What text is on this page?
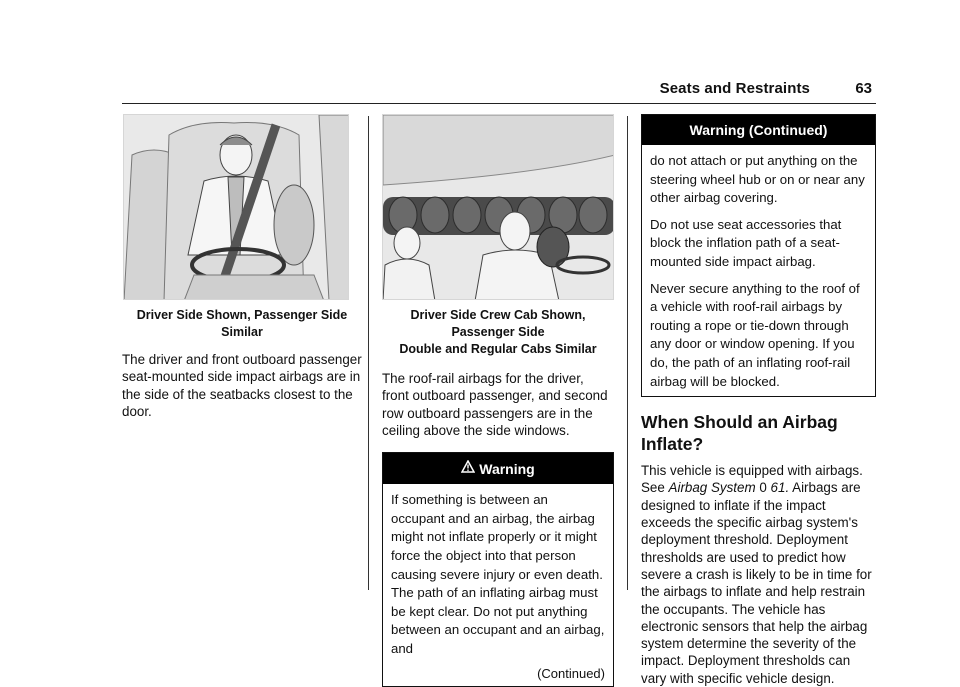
Seats and Restraints	63
Driver Side Shown, Passenger Side Similar

The driver and front outboard passenger seat-mounted side impact airbags are in the side of the seatbacks closest to the door.

Driver Side Crew Cab Shown, Passenger Side
Double and Regular Cabs Similar

The roof-rail airbags for the driver, front outboard passenger, and second row outboard passengers are in the ceiling above the side windows.

Warning

If something is between an occupant and an airbag, the airbag might not inflate properly or it might force the object into that person causing severe injury or even death. The path of an inflating airbag must be kept clear. Do not put anything between an occupant and an airbag, and

(Continued)
Warning (Continued)

do not attach or put anything on the steering wheel hub or on or near any other airbag covering.

Do not use seat accessories that block the inflation path of a seat-mounted side impact airbag.

Never secure anything to the roof of a vehicle with roof-rail airbags by routing a rope or tie-down through any door or window opening. If you do, the path of an inflating roof-rail airbag will be blocked.

When Should an Airbag Inflate?

This vehicle is equipped with airbags. See Airbag System 0 61. Airbags are designed to inflate if the impact exceeds the specific airbag system's deployment threshold. Deployment thresholds are used to predict how severe a crash is likely to be in time for the airbags to inflate and help restrain the occupants. The vehicle has electronic sensors that help the airbag system determine the severity of the impact. Deployment thresholds can vary with specific vehicle design.
